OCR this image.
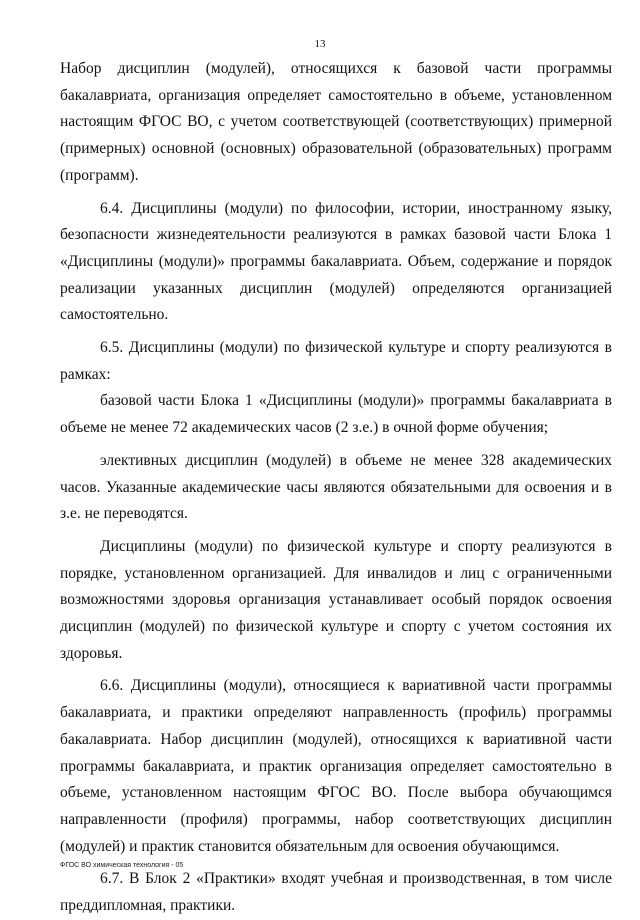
13

Набор дисциплин (модулей), относящихся к базовой части программы бакалавриата, организация определяет самостоятельно в объеме, установленном настоящим ФГОС ВО, с учетом соответствующей (соответствующих) примерной (примерных) основной (основных) образовательной (образовательных) программ (программ).

6.4. Дисциплины (модули) по философии, истории, иностранному языку, безопасности жизнедеятельности реализуются в рамках базовой части Блока 1 «Дисциплины (модули)» программы бакалавриата. Объем, содержание и порядок реализации указанных дисциплин (модулей) определяются организацией самостоятельно.

6.5. Дисциплины (модули) по физической культуре и спорту реализуются в рамках:

базовой части Блока 1 «Дисциплины (модули)» программы бакалавриата в объеме не менее 72 академических часов (2 з.е.) в очной форме обучения;

элективных дисциплин (модулей) в объеме не менее 328 академических часов. Указанные академические часы являются обязательными для освоения и в з.е. не переводятся.

Дисциплины (модули) по физической культуре и спорту реализуются в порядке, установленном организацией. Для инвалидов и лиц с ограниченными возможностями здоровья организация устанавливает особый порядок освоения дисциплин (модулей) по физической культуре и спорту с учетом состояния их здоровья.

6.6. Дисциплины (модули), относящиеся к вариативной части программы бакалавриата, и практики определяют направленность (профиль) программы бакалавриата. Набор дисциплин (модулей), относящихся к вариативной части программы бакалавриата, и практик организация определяет самостоятельно в объеме, установленном настоящим ФГОС ВО. После выбора обучающимся направленности (профиля) программы, набор соответствующих дисциплин (модулей) и практик становится обязательным для освоения обучающимся.

6.7. В Блок 2 «Практики» входят учебная и производственная, в том числе преддипломная, практики.

ФГОС ВО химическая технология - 05
